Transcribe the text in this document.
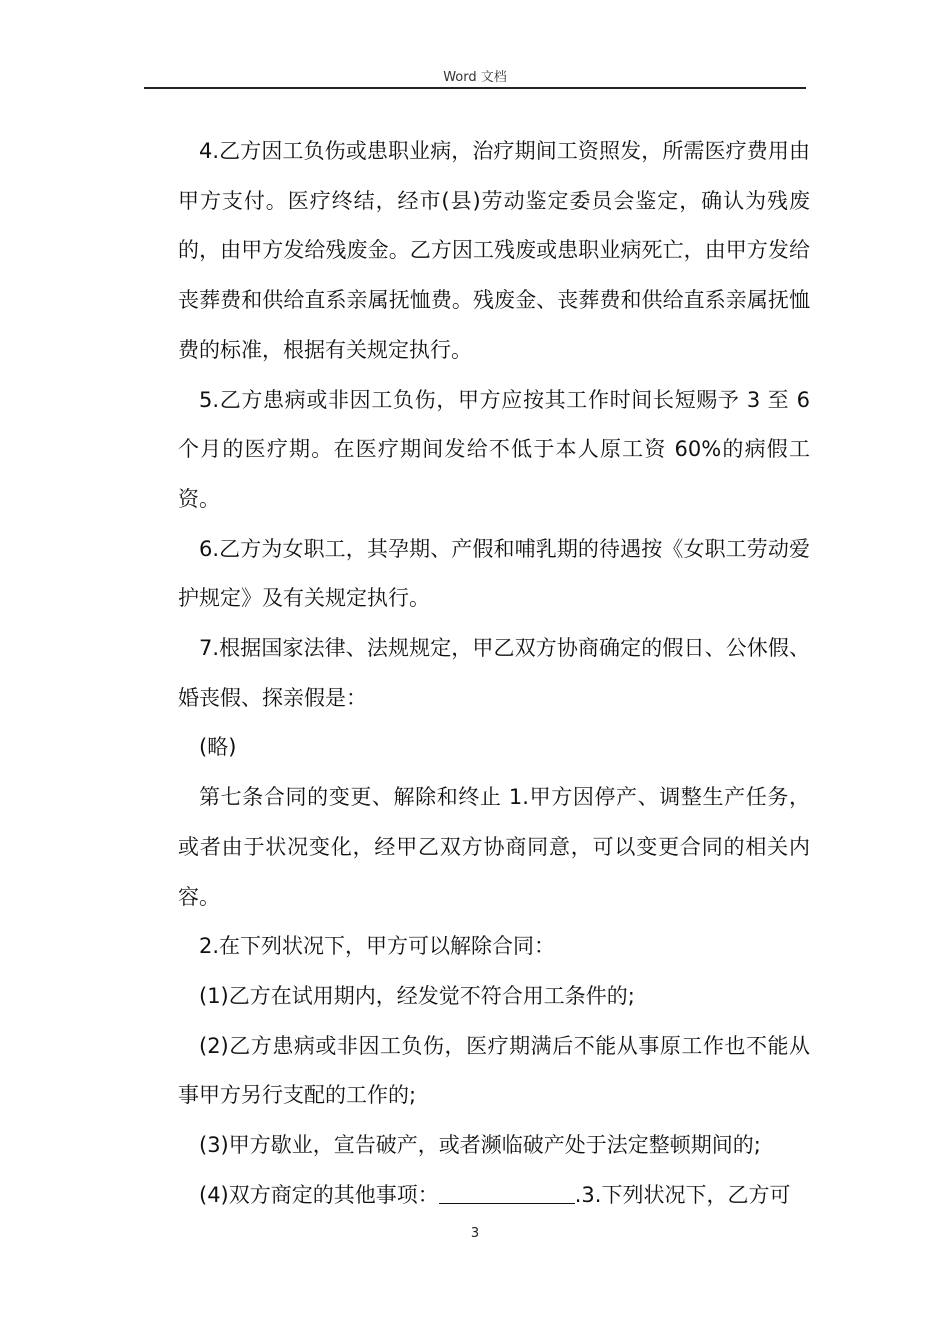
Word 文档

4.乙方因工负伤或患职业病，治疗期间工资照发，所需医疗费用由甲方支付。医疗终结，经市(县)劳动鉴定委员会鉴定，确认为残废的，由甲方发给残废金。乙方因工残废或患职业病死亡，由甲方发给丧葬费和供给直系亲属抚恤费。残废金、丧葬费和供给直系亲属抚恤费的标准，根据有关规定执行。

5.乙方患病或非因工负伤，甲方应按其工作时间长短赐予 3 至 6 个月的医疗期。在医疗期间发给不低于本人原工资 60%的病假工资。

6.乙方为女职工，其孕期、产假和哺乳期的待遇按《女职工劳动爱护规定》及有关规定执行。

7.根据国家法律、法规规定，甲乙双方协商确定的假日、公休假、婚丧假、探亲假是：

(略)

第七条合同的变更、解除和终止 1.甲方因停产、调整生产任务，或者由于状况变化，经甲乙双方协商同意，可以变更合同的相关内容。

2.在下列状况下，甲方可以解除合同：

(1)乙方在试用期内，经发觉不符合用工条件的;

(2)乙方患病或非因工负伤，医疗期满后不能从事原工作也不能从事甲方另行支配的工作的;

(3)甲方歇业，宣告破产，或者濒临破产处于法定整顿期间的;

(4)双方商定的其他事项：	.3.下列状况下，乙方可

3
